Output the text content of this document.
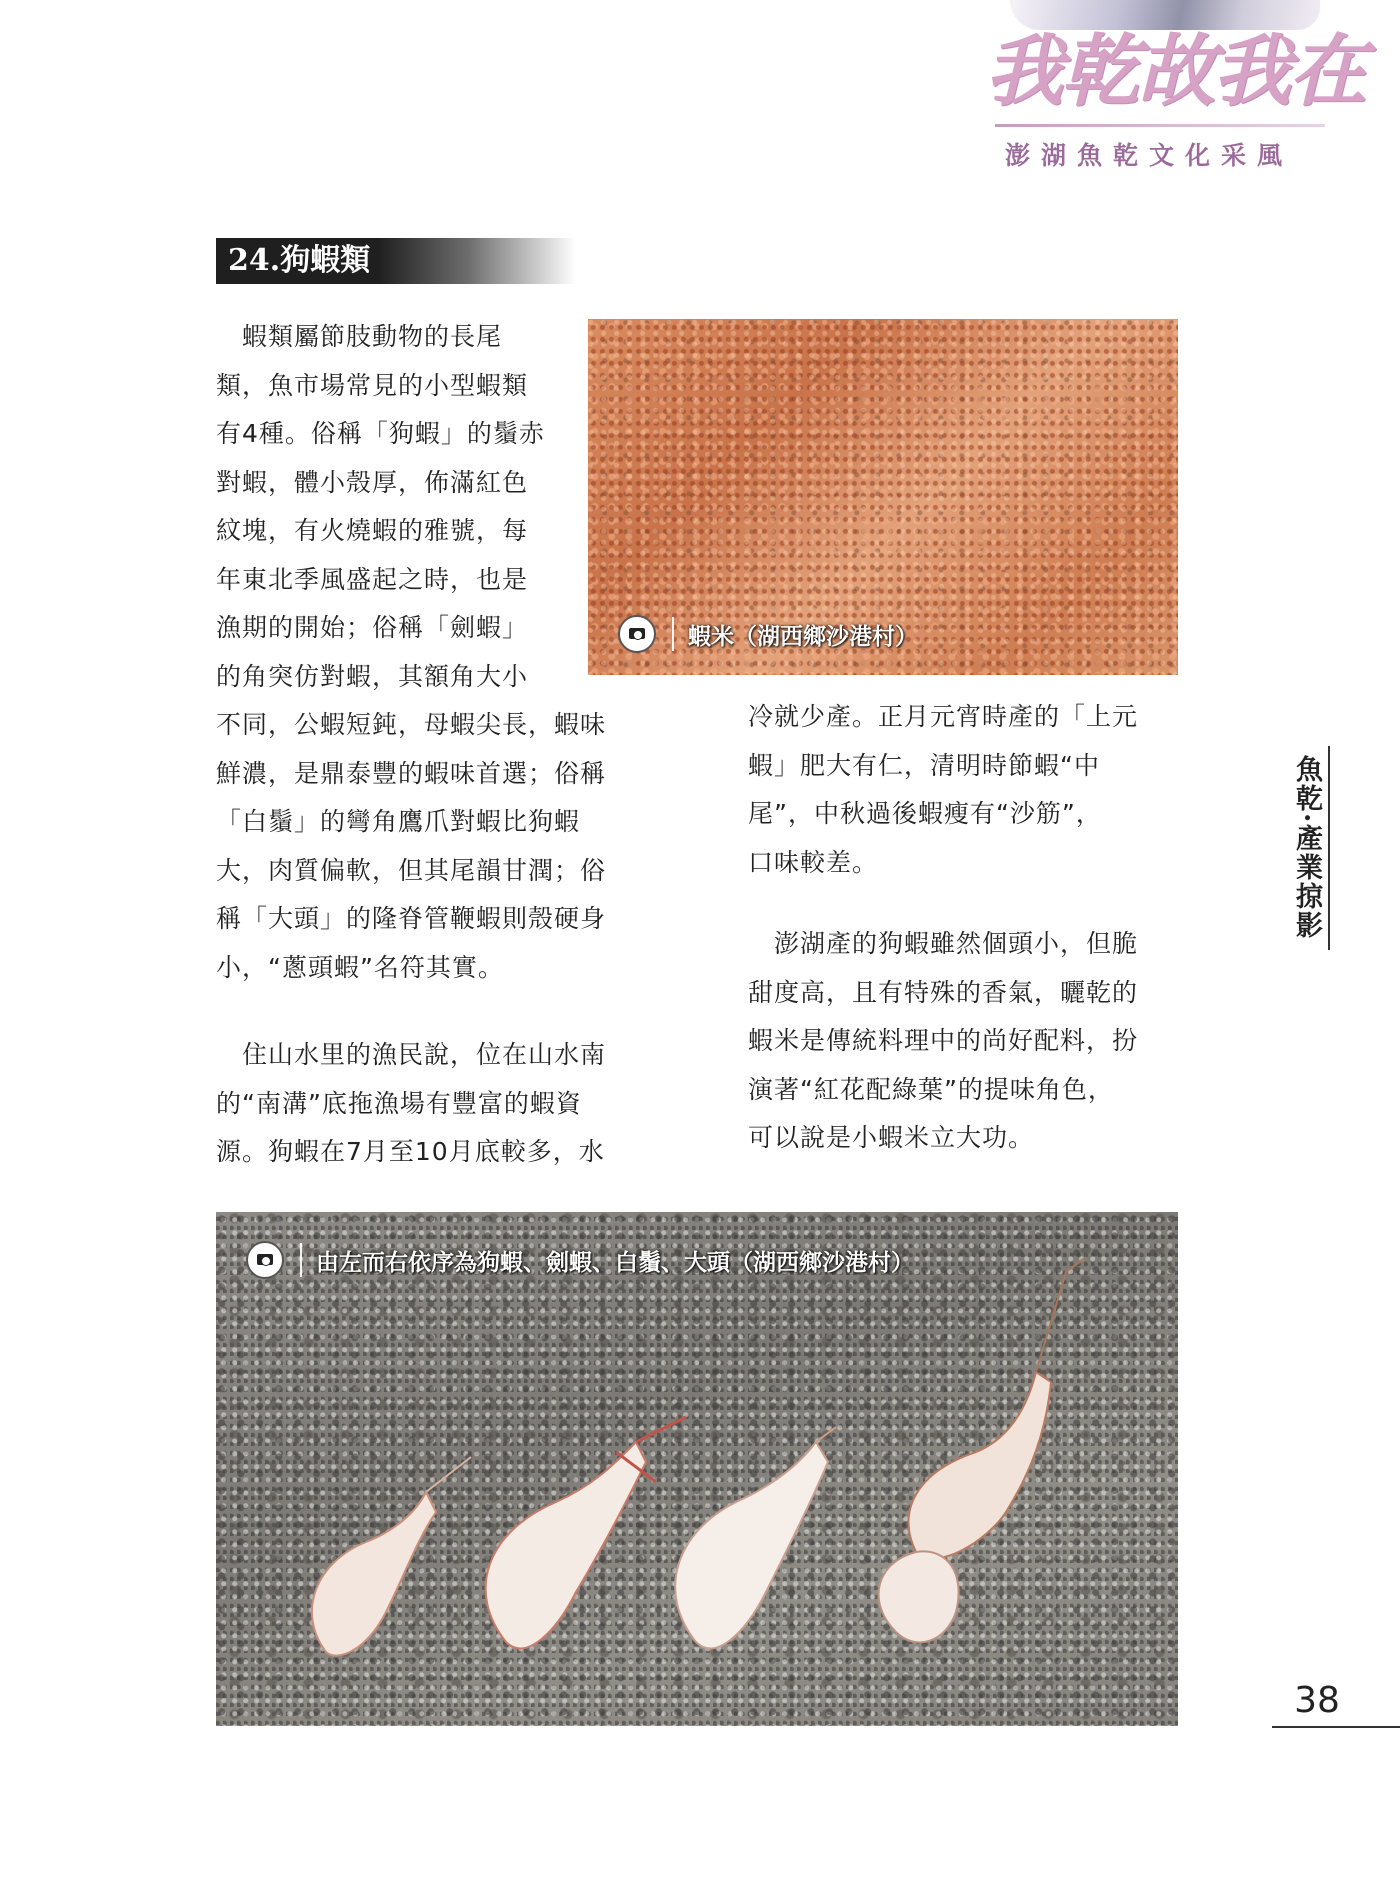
我乾故我在
澎湖魚乾文化采風
24.狗蝦類

　蝦類屬節肢動物的長尾

類，魚市場常見的小型蝦類

有4種。俗稱「狗蝦」的鬚赤

對蝦，體小殼厚，佈滿紅色

紋塊，有火燒蝦的雅號，每

年東北季風盛起之時，也是

漁期的開始；俗稱「劍蝦」

的角突仿對蝦，其額角大小

不同，公蝦短鈍，母蝦尖長，蝦味

鮮濃，是鼎泰豐的蝦味首選；俗稱

「白鬚」的彎角鷹爪對蝦比狗蝦

大，肉質偏軟，但其尾韻甘潤；俗

稱「大頭」的隆脊管鞭蝦則殼硬身

小，“蔥頭蝦”名符其實。

　住山水里的漁民說，位在山水南

的“南溝”底拖漁場有豐富的蝦資

源。狗蝦在7月至10月底較多，水

冷就少產。正月元宵時產的「上元

蝦」肥大有仁，清明時節蝦“中

尾”，中秋過後蝦瘦有“沙筋”，

口味較差。

　澎湖產的狗蝦雖然個頭小，但脆

甜度高，且有特殊的香氣，曬乾的

蝦米是傳統料理中的尚好配料，扮

演著“紅花配綠葉”的提味角色，

可以說是小蝦米立大功。

蝦米（湖西鄉沙港村）
由左而右依序為狗蝦、劍蝦、白鬚、大頭（湖西鄉沙港村）
魚乾·產業掠影
38
